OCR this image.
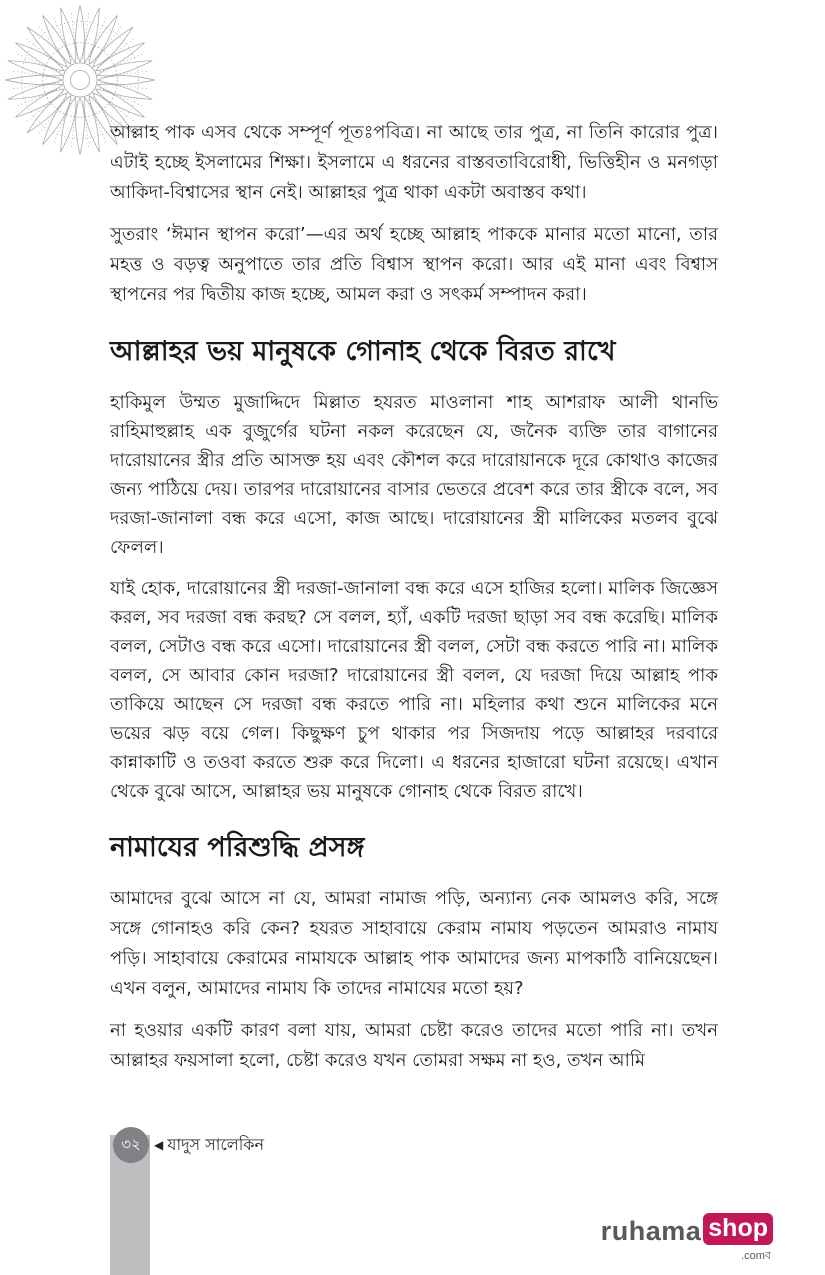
আল্লাহ পাক এসব থেকে সম্পূর্ণ পূতঃপবিত্র। না আছে তার পুত্র, না তিনি কারোর পুত্র। এটাই হচ্ছে ইসলামের শিক্ষা। ইসলামে এ ধরনের বাস্তবতাবিরোধী, ভিত্তিহীন ও মনগড়া আকিদা-বিশ্বাসের স্থান নেই। আল্লাহর পুত্র থাকা একটা অবাস্তব কথা।

সুতরাং ‘ঈমান স্থাপন করো’—এর অর্থ হচ্ছে আল্লাহ পাককে মানার মতো মানো, তার মহত্ত ও বড়ত্ব অনুপাতে তার প্রতি বিশ্বাস স্থাপন করো। আর এই মানা এবং বিশ্বাস স্থাপনের পর দ্বিতীয় কাজ হচ্ছে, আমল করা ও সৎকর্ম সম্পাদন করা।

আল্লাহর ভয় মানুষকে গোনাহ থেকে বিরত রাখে

হাকিমুল উম্মত মুজাদ্দিদে মিল্লাত হযরত মাওলানা শাহ আশরাফ আলী থানভি রাহিমাহুল্লাহ এক বুজুর্গের ঘটনা নকল করেছেন যে, জনৈক ব্যক্তি তার বাগানের দারোয়ানের স্ত্রীর প্রতি আসক্ত হয় এবং কৌশল করে দারোয়ানকে দূরে কোথাও কাজের জন্য পাঠিয়ে দেয়। তারপর দারোয়ানের বাসার ভেতরে প্রবেশ করে তার স্ত্রীকে বলে, সব দরজা-জানালা বন্ধ করে এসো, কাজ আছে। দারোয়ানের স্ত্রী মালিকের মতলব বুঝে ফেলল।

যাই হোক, দারোয়ানের স্ত্রী দরজা-জানালা বন্ধ করে এসে হাজির হলো। মালিক জিজ্ঞেস করল, সব দরজা বন্ধ করছ? সে বলল, হ্যাঁ, একটি দরজা ছাড়া সব বন্ধ করেছি। মালিক বলল, সেটাও বন্ধ করে এসো। দারোয়ানের স্ত্রী বলল, সেটা বন্ধ করতে পারি না। মালিক বলল, সে আবার কোন দরজা? দারোয়ানের স্ত্রী বলল, যে দরজা দিয়ে আল্লাহ পাক তাকিয়ে আছেন সে দরজা বন্ধ করতে পারি না। মহিলার কথা শুনে মালিকের মনে ভয়ের ঝড় বয়ে গেল। কিছুক্ষণ চুপ থাকার পর সিজদায় পড়ে আল্লাহর দরবারে কান্নাকাটি ও তওবা করতে শুরু করে দিলো। এ ধরনের হাজারো ঘটনা রয়েছে। এখান থেকে বুঝে আসে, আল্লাহর ভয় মানুষকে গোনাহ থেকে বিরত রাখে।

নামাযের পরিশুদ্ধি প্রসঙ্গ

আমাদের বুঝে আসে না যে, আমরা নামাজ পড়ি, অন্যান্য নেক আমলও করি, সঙ্গে সঙ্গে গোনাহও করি কেন? হযরত সাহাবায়ে কেরাম নামায পড়তেন আমরাও নামায পড়ি। সাহাবায়ে কেরামের নামাযকে আল্লাহ পাক আমাদের জন্য মাপকাঠি বানিয়েছেন। এখন বলুন, আমাদের নামায কি তাদের নামাযের মতো হয়?

না হওয়ার একটি কারণ বলা যায়, আমরা চেষ্টা করেও তাদের মতো পারি না। তখন আল্লাহর ফয়সালা হলো, চেষ্টা করেও যখন তোমরা সক্ষম না হও, তখন আমি

৩২	◀ যাদুস সালেকিন
ruhama shop
.comব
